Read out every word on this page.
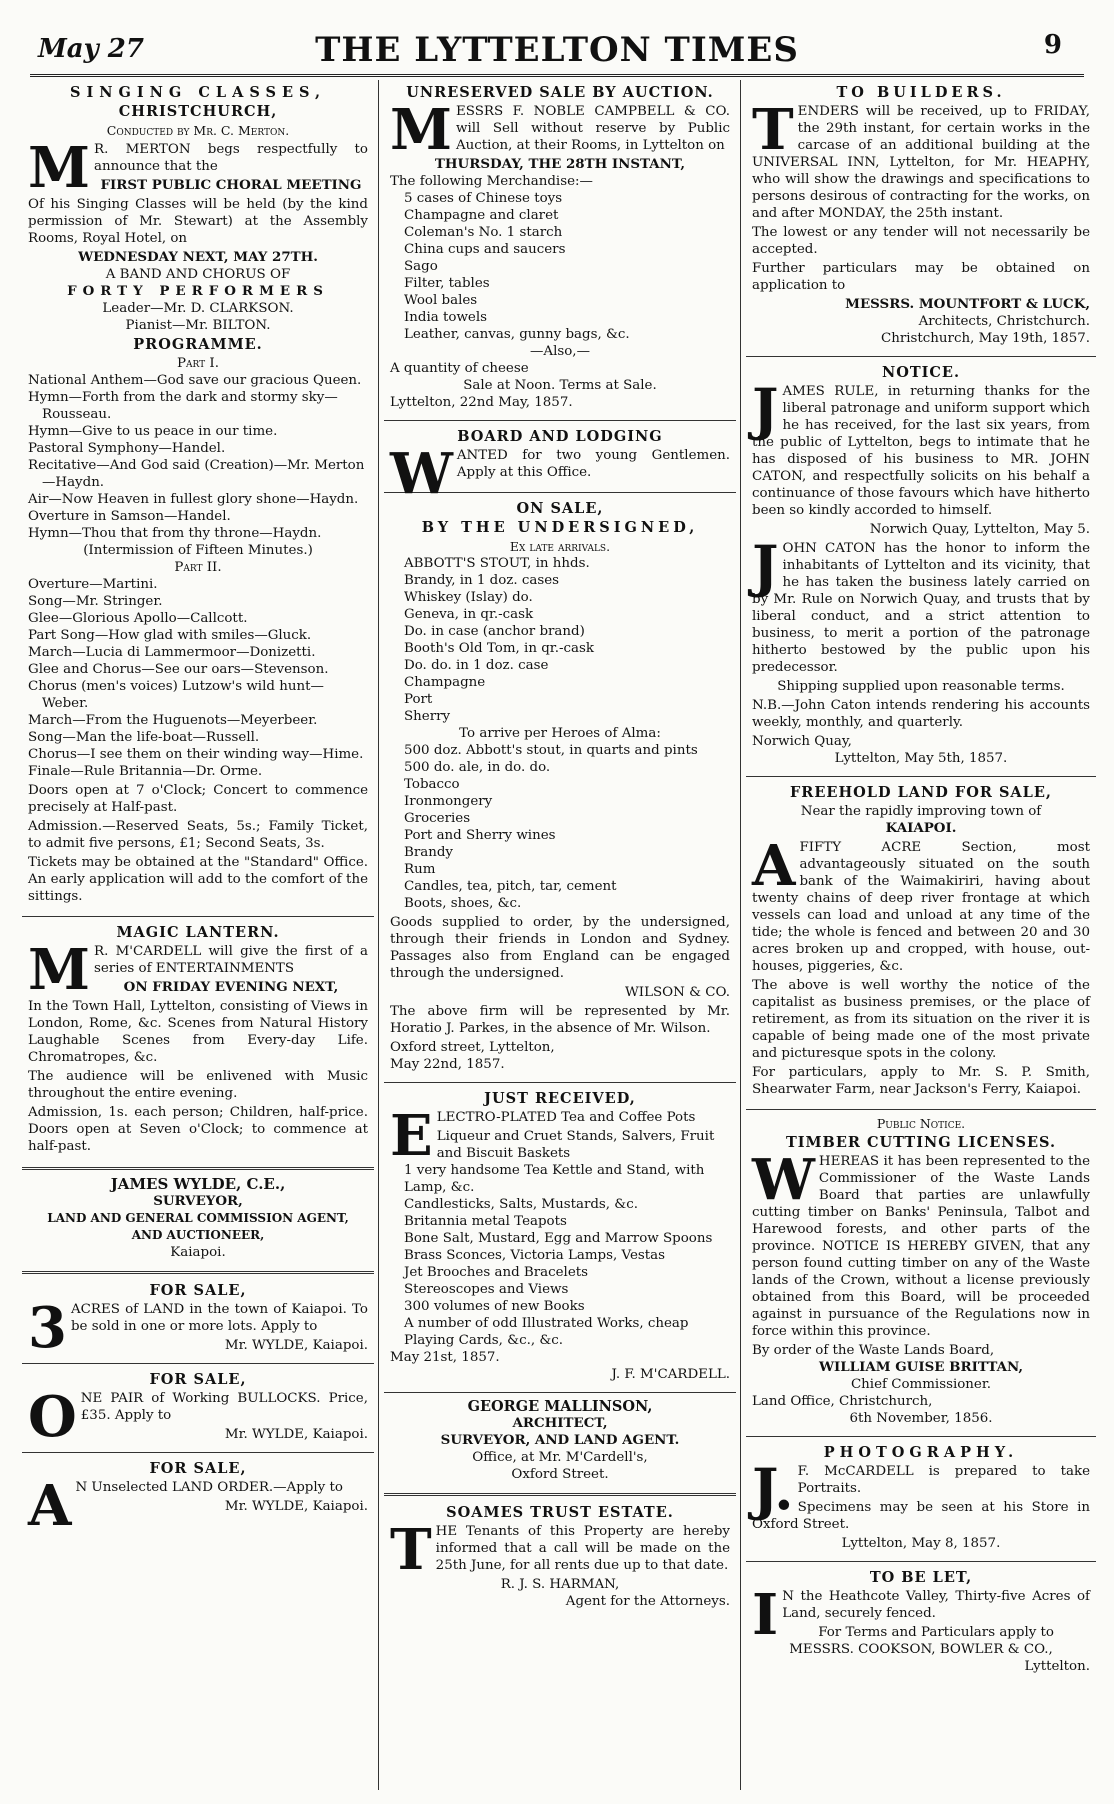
May 27	THE LYTTELTON TIMES	9
SINGING CLASSES,
CHRISTCHURCH,
Conducted by Mr. C. Merton.

MR. MERTON begs respectfully to announce that the

FIRST PUBLIC CHORAL MEETING

Of his Singing Classes will be held (by the kind permission of Mr. Stewart) at the Assembly Rooms, Royal Hotel, on

WEDNESDAY NEXT, MAY 27TH.
A BAND AND CHORUS OF
FORTY PERFORMERS
Leader—Mr. D. CLARKSON.
Pianist—Mr. BILTON.
PROGRAMME.
Part I.
National Anthem—God save our gracious Queen.
Hymn—Forth from the dark and stormy sky—Rousseau.
Hymn—Give to us peace in our time.
Pastoral Symphony—Handel.
Recitative—And God said (Creation)—Mr. Merton—Haydn.
Air—Now Heaven in fullest glory shone—Haydn.
Overture in Samson—Handel.
Hymn—Thou that from thy throne—Haydn.
(Intermission of Fifteen Minutes.)
Part II.
Overture—Martini.
Song—Mr. Stringer.
Glee—Glorious Apollo—Callcott.
Part Song—How glad with smiles—Gluck.
March—Lucia di Lammermoor—Donizetti.
Glee and Chorus—See our oars—Stevenson.
Chorus (men's voices) Lutzow's wild hunt—Weber.
March—From the Huguenots—Meyerbeer.
Song—Man the life-boat—Russell.
Chorus—I see them on their winding way—Hime.
Finale—Rule Britannia—Dr. Orme.

Doors open at 7 o'Clock; Concert to commence precisely at Half-past.

Admission.—Reserved Seats, 5s.; Family Ticket, to admit five persons, £1; Second Seats, 3s.

Tickets may be obtained at the "Standard" Office. An early application will add to the comfort of the sittings.

MAGIC LANTERN.

MR. M'CARDELL will give the first of a series of ENTERTAINMENTS

ON FRIDAY EVENING NEXT,

In the Town Hall, Lyttelton, consisting of Views in London, Rome, &c. Scenes from Natural History Laughable Scenes from Every-day Life. Chromatropes, &c.

The audience will be enlivened with Music throughout the entire evening.

Admission, 1s. each person; Children, half-price. Doors open at Seven o'Clock; to commence at half-past.

JAMES WYLDE, C.E.,
SURVEYOR,
LAND AND GENERAL COMMISSION AGENT,
AND AUCTIONEER,
Kaiapoi.
FOR SALE,

3ACRES of LAND in the town of Kaiapoi. To be sold in one or more lots. Apply to

Mr. WYLDE, Kaiapoi.
FOR SALE,

ONE PAIR of Working BULLOCKS. Price, £35. Apply to

Mr. WYLDE, Kaiapoi.
FOR SALE,

AN Unselected LAND ORDER.—Apply to

Mr. WYLDE, Kaiapoi.
UNRESERVED SALE BY AUCTION.

MESSRS F. NOBLE CAMPBELL & CO. will Sell without reserve by Public Auction, at their Rooms, in Lyttelton on

THURSDAY, THE 28TH INSTANT,
The following Merchandise:—
5 cases of Chinese toys
Champagne and claret
Coleman's No. 1 starch
China cups and saucers
Sago
Filter, tables
Wool bales
India towels
Leather, canvas, gunny bags, &c.
—Also,—
A quantity of cheese
Sale at Noon. Terms at Sale.
Lyttelton, 22nd May, 1857.
BOARD AND LODGING

WANTED for two young Gentlemen. Apply at this Office.

ON SALE,
BY THE UNDERSIGNED,
Ex late arrivals.
ABBOTT'S STOUT, in hhds.
Brandy, in 1 doz. cases
Whiskey (Islay) do.
Geneva, in qr.-cask
Do. in case (anchor brand)
Booth's Old Tom, in qr.-cask
Do. do. in 1 doz. case
Champagne
Port
Sherry
To arrive per Heroes of Alma:
500 doz. Abbott's stout, in quarts and pints
500 do. ale, in do. do.
Tobacco
Ironmongery
Groceries
Port and Sherry wines
Brandy
Rum
Candles, tea, pitch, tar, cement
Boots, shoes, &c.

Goods supplied to order, by the undersigned, through their friends in London and Sydney. Passages also from England can be engaged through the undersigned.

WILSON & CO.

The above firm will be represented by Mr. Horatio J. Parkes, in the absence of Mr. Wilson.

Oxford street, Lyttelton,
May 22nd, 1857.
JUST RECEIVED,

ELECTRO-PLATED Tea and Coffee Pots

Liqueur and Cruet Stands, Salvers, Fruit and Biscuit Baskets
1 very handsome Tea Kettle and Stand, with Lamp, &c.
Candlesticks, Salts, Mustards, &c.
Britannia metal Teapots
Bone Salt, Mustard, Egg and Marrow Spoons
Brass Sconces, Victoria Lamps, Vestas
Jet Brooches and Bracelets
Stereoscopes and Views
300 volumes of new Books
A number of odd Illustrated Works, cheap
Playing Cards, &c., &c.
May 21st, 1857.
J. F. M'CARDELL.
GEORGE MALLINSON,
ARCHITECT,
SURVEYOR, AND LAND AGENT.
Office, at Mr. M'Cardell's,
Oxford Street.
SOAMES TRUST ESTATE.

THE Tenants of this Property are hereby informed that a call will be made on the 25th June, for all rents due up to that date.

R. J. S. HARMAN,
Agent for the Attorneys.
TO BUILDERS.

TENDERS will be received, up to FRIDAY, the 29th instant, for certain works in the carcase of an additional building at the UNIVERSAL INN, Lyttelton, for Mr. HEAPHY, who will show the drawings and specifications to persons desirous of contracting for the works, on and after MONDAY, the 25th instant.

The lowest or any tender will not necessarily be accepted.

Further particulars may be obtained on application to

MESSRS. MOUNTFORT & LUCK,
Architects, Christchurch.
Christchurch, May 19th, 1857.
NOTICE.

JAMES RULE, in returning thanks for the liberal patronage and uniform support which he has received, for the last six years, from the public of Lyttelton, begs to intimate that he has disposed of his business to MR. JOHN CATON, and respectfully solicits on his behalf a continuance of those favours which have hitherto been so kindly accorded to himself.

Norwich Quay, Lyttelton, May 5.

JOHN CATON has the honor to inform the inhabitants of Lyttelton and its vicinity, that he has taken the business lately carried on by Mr. Rule on Norwich Quay, and trusts that by liberal conduct, and a strict attention to business, to merit a portion of the patronage hitherto bestowed by the public upon his predecessor.

Shipping supplied upon reasonable terms.

N.B.—John Caton intends rendering his accounts weekly, monthly, and quarterly.

Norwich Quay,
Lyttelton, May 5th, 1857.
FREEHOLD LAND FOR SALE,
Near the rapidly improving town of
KAIAPOI.

AFIFTY ACRE Section, most advantageously situated on the south bank of the Waimakiriri, having about twenty chains of deep river frontage at which vessels can load and unload at any time of the tide; the whole is fenced and between 20 and 30 acres broken up and cropped, with house, out-houses, piggeries, &c.

The above is well worthy the notice of the capitalist as business premises, or the place of retirement, as from its situation on the river it is capable of being made one of the most private and picturesque spots in the colony.

For particulars, apply to Mr. S. P. Smith, Shearwater Farm, near Jackson's Ferry, Kaiapoi.

Public Notice.
TIMBER CUTTING LICENSES.

WHEREAS it has been represented to the Commissioner of the Waste Lands Board that parties are unlawfully cutting timber on Banks' Peninsula, Talbot and Harewood forests, and other parts of the province. NOTICE IS HEREBY GIVEN, that any person found cutting timber on any of the Waste lands of the Crown, without a license previously obtained from this Board, will be proceeded against in pursuance of the Regulations now in force within this province.

By order of the Waste Lands Board,
WILLIAM GUISE BRITTAN,
Chief Commissioner.
Land Office, Christchurch,
6th November, 1856.
PHOTOGRAPHY.

J.F. McCARDELL is prepared to take Portraits.

Specimens may be seen at his Store in Oxford Street.

Lyttelton, May 8, 1857.
TO BE LET,

IN the Heathcote Valley, Thirty-five Acres of Land, securely fenced.

For Terms and Particulars apply to
MESSRS. COOKSON, BOWLER & CO.,
Lyttelton.
